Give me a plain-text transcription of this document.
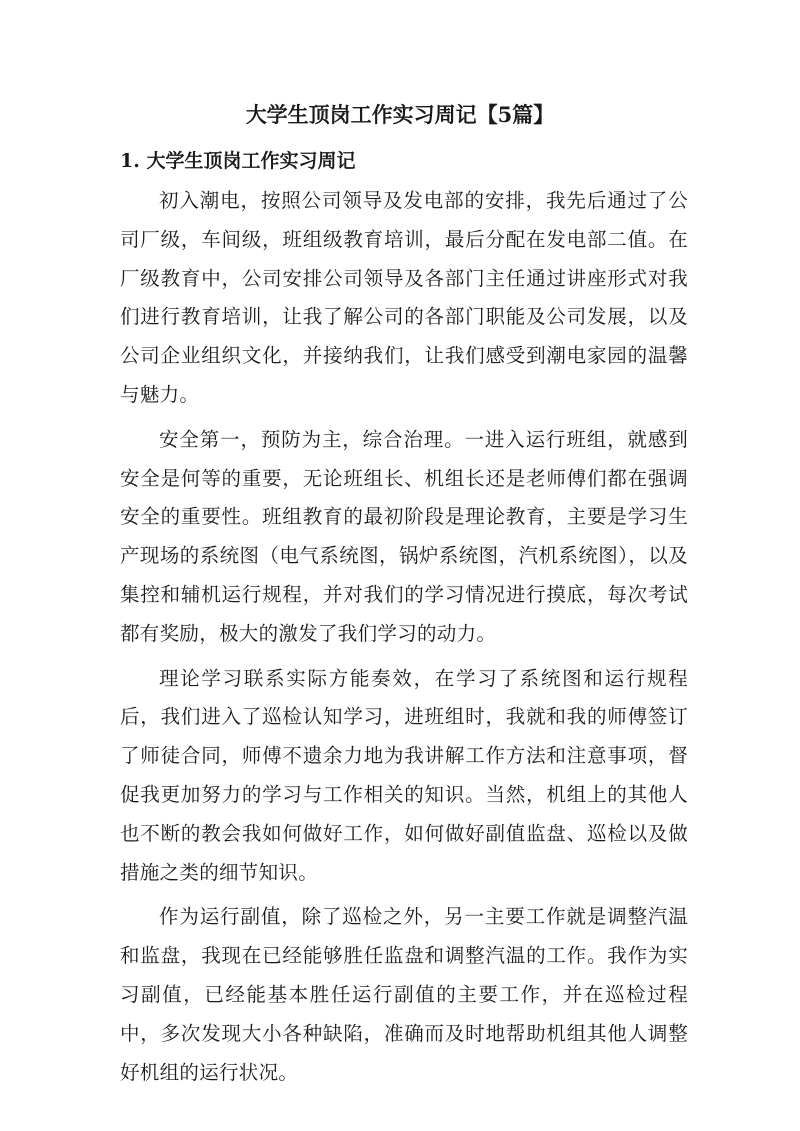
大学生顶岗工作实习周记【5篇】
1. 大学生顶岗工作实习周记

初入潮电，按照公司领导及发电部的安排，我先后通过了公司厂级，车间级，班组级教育培训，最后分配在发电部二值。在厂级教育中，公司安排公司领导及各部门主任通过讲座形式对我们进行教育培训，让我了解公司的各部门职能及公司发展，以及公司企业组织文化，并接纳我们，让我们感受到潮电家园的温馨与魅力。

安全第一，预防为主，综合治理。一进入运行班组，就感到安全是何等的重要，无论班组长、机组长还是老师傅们都在强调安全的重要性。班组教育的最初阶段是理论教育，主要是学习生产现场的系统图（电气系统图，锅炉系统图，汽机系统图），以及集控和辅机运行规程，并对我们的学习情况进行摸底，每次考试都有奖励，极大的激发了我们学习的动力。

理论学习联系实际方能奏效，在学习了系统图和运行规程后，我们进入了巡检认知学习，进班组时，我就和我的师傅签订了师徒合同，师傅不遗余力地为我讲解工作方法和注意事项，督促我更加努力的学习与工作相关的知识。当然，机组上的其他人也不断的教会我如何做好工作，如何做好副值监盘、巡检以及做措施之类的细节知识。

作为运行副值，除了巡检之外，另一主要工作就是调整汽温和监盘，我现在已经能够胜任监盘和调整汽温的工作。我作为实习副值，已经能基本胜任运行副值的主要工作，并在巡检过程中，多次发现大小各种缺陷，准确而及时地帮助机组其他人调整好机组的运行状况。
